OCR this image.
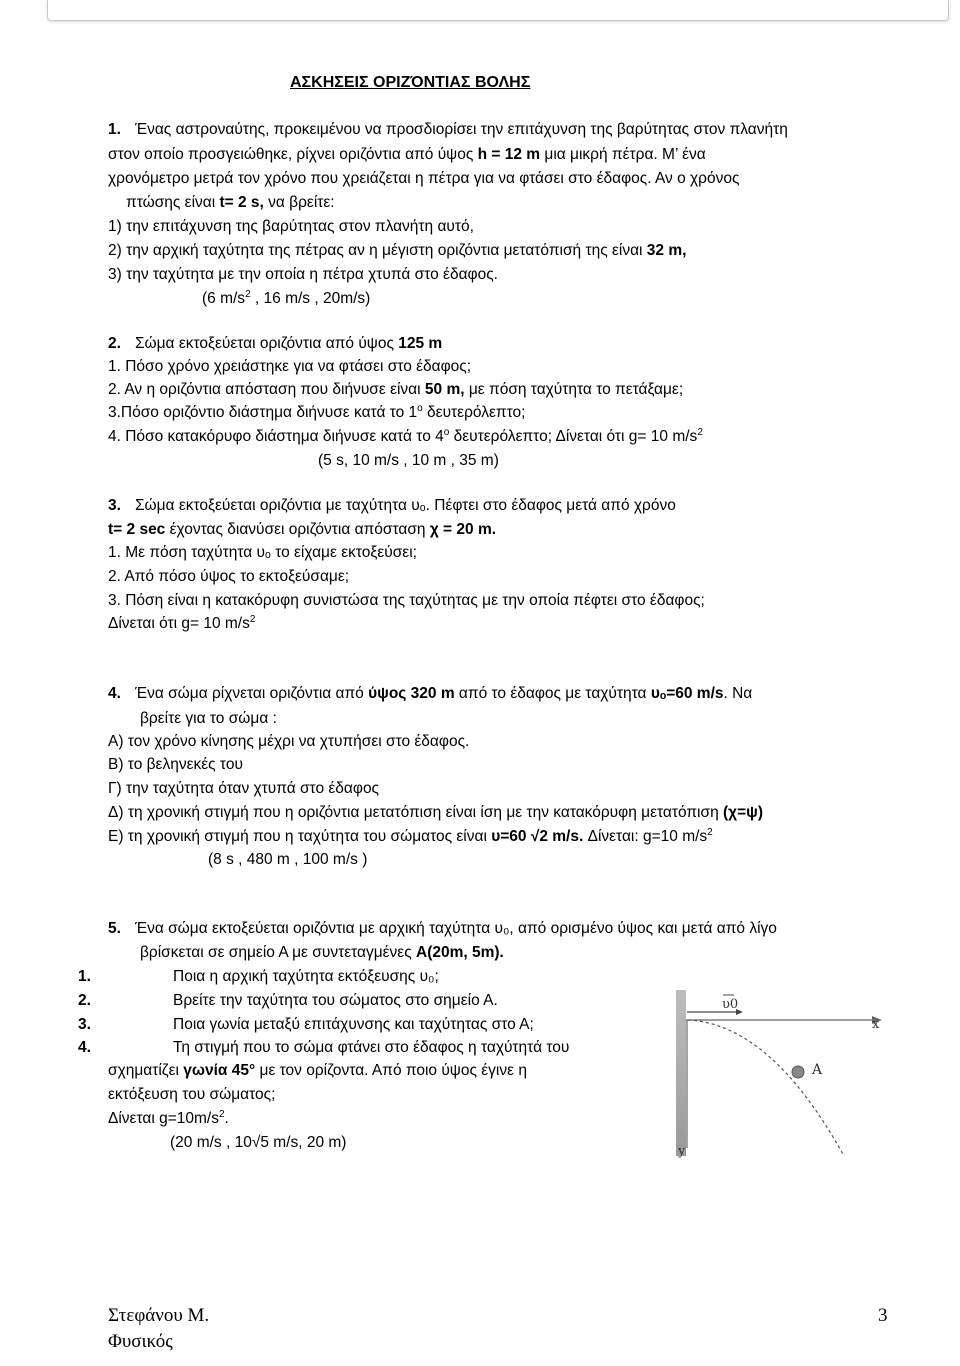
ΑΣΚΗΣΕΙΣ ΟΡΙΖΌΝΤΙΑΣ ΒΟΛΗΣ
1. Ένας αστροναύτης, προκειμένου να προσδιορίσει την επιτάχυνση της βαρύτητας στον πλανήτη
στον οποίο προσγειώθηκε, ρίχνει οριζόντια από ύψος h = 12 m μια μικρή πέτρα. Μ’ ένα
χρονόμετρο μετρά τον χρόνο που χρειάζεται η πέτρα για να φτάσει στο έδαφος. Αν ο χρόνος
πτώσης είναι t= 2 s, να βρείτε:
1) την επιτάχυνση της βαρύτητας στον πλανήτη αυτό,
2) την αρχική ταχύτητα της πέτρας αν η μέγιστη οριζόντια μετατόπισή της είναι 32 m,
3) την ταχύτητα με την οποία η πέτρα χτυπά στο έδαφος.
(6 $m/s^2$ , 16 m/s , 20m/s)
2. Σώμα εκτοξεύεται οριζόντια από ύψος 125 m
1. Πόσο χρόνο χρειάστηκε για να φτάσει στο έδαφος;
2. Αν η οριζόντια απόσταση που διήνυσε είναι 50 m, με πόση ταχύτητα το πετάξαμε;
3.Πόσο οριζόντιο διάστημα διήνυσε κατά το $1^o$ δευτερόλεπτο;
4. Πόσο κατακόρυφο διάστημα διήνυσε κατά το $4^o$ δευτερόλεπτο; Δίνεται ότι g= 10 $m/s^2$
(5 s, 10 m/s , 10 m , 35 m)
3. Σώμα εκτοξεύεται οριζόντια με ταχύτητα υₒ. Πέφτει στο έδαφος μετά από χρόνο
t= 2 sec έχοντας διανύσει οριζόντια απόσταση χ = 20 m.
1. Με πόση ταχύτητα υₒ το είχαμε εκτοξεύσει;
2. Από πόσο ύψος το εκτοξεύσαμε;
3. Πόση είναι η κατακόρυφη συνιστώσα της ταχύτητας με την οποία πέφτει στο έδαφος;
Δίνεται ότι g= 10 $m/s^2$
4. Ένα σώμα ρίχνεται οριζόντια από ύψος 320 m από το έδαφος με ταχύτητα υₒ=60 m/s. Να
βρείτε για το σώμα :
Α) τον χρόνο κίνησης μέχρι να χτυπήσει στο έδαφος.
Β) το βεληνεκές του
Γ) την ταχύτητα όταν χτυπά στο έδαφος
Δ) τη χρονική στιγμή που η οριζόντια μετατόπιση είναι ίση με την κατακόρυφη μετατόπιση (χ=ψ)
Ε) τη χρονική στιγμή που η ταχύτητα του σώματος είναι υ=60 √2 m/s. Δίνεται: g=10 $m/s^2$
(8 s , 480 m , 100 m/s )
5. Ένα σώμα εκτοξεύεται οριζόντια με αρχική ταχύτητα υ₀, από ορισμένο ύψος και μετά από λίγο
βρίσκεται σε σημείο Α με συντεταγμένες Α(20m, 5m).
1.	Ποια η αρχική ταχύτητα εκτόξευσης υ₀;
2.	Βρείτε την ταχύτητα του σώματος στο σημείο Α.
3.	Ποια γωνία μεταξύ επιτάχυνσης και ταχύτητας στο Α;
4.	Τη στιγμή που το σώμα φτάνει στο έδαφος η ταχύτητά του
σχηματίζει γωνία 45° με τον ορίζοντα. Από ποιο ύψος έγινε η
εκτόξευση του σώματος;
Δίνεται $g=10m/s^2$.
(20 m/s , 10√5 m/s, 20 m)
x
y
υ0
A
Στεφάνου Μ.
Φυσικός
3
